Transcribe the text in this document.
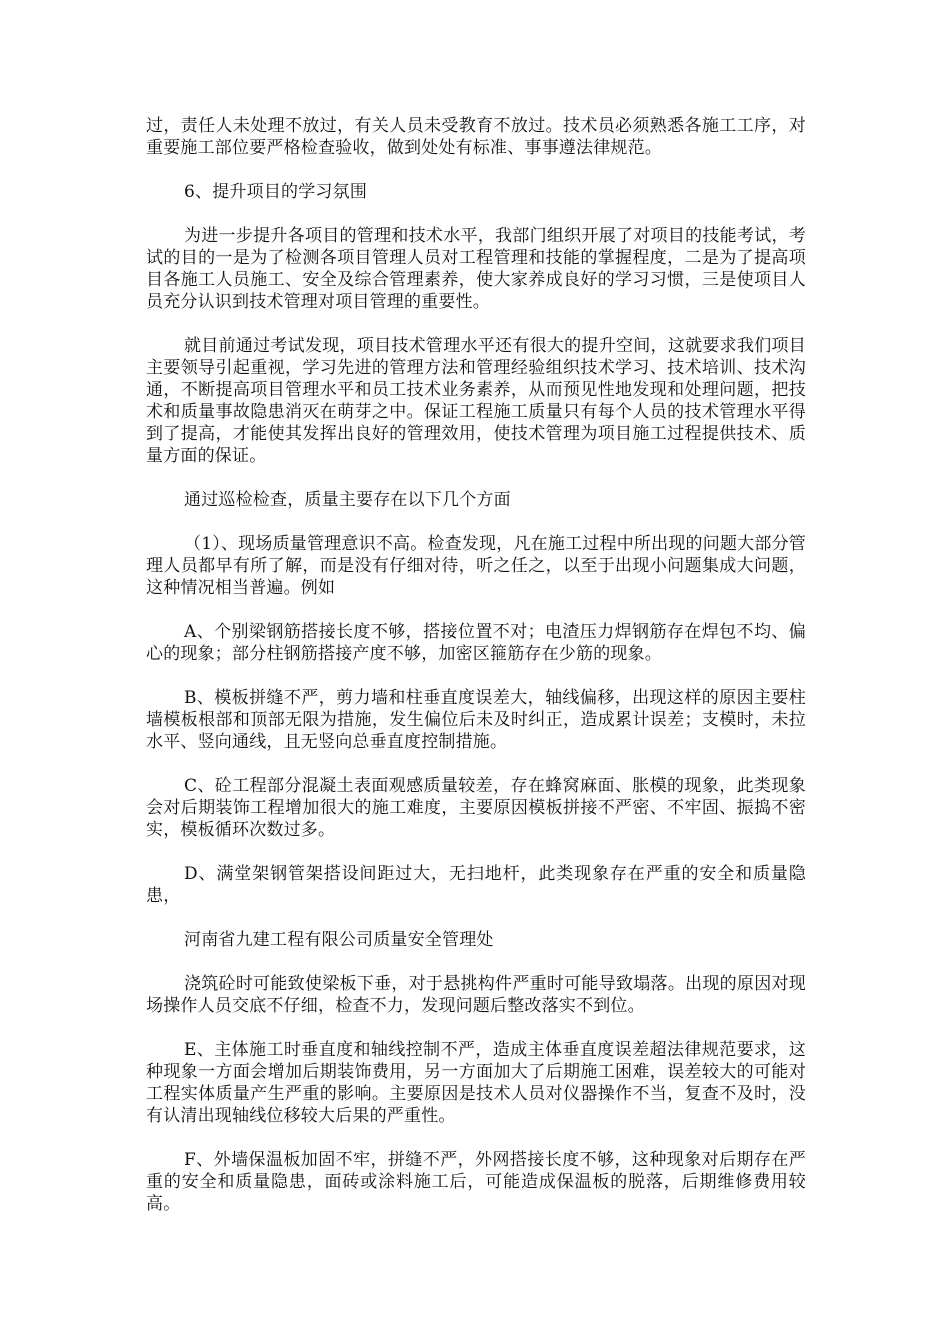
过，责任人未处理不放过，有关人员未受教育不放过。技术员必须熟悉各施工工序，对重要施工部位要严格检查验收，做到处处有标准、事事遵法律规范。

6、提升项目的学习氛围

为进一步提升各项目的管理和技术水平，我部门组织开展了对项目的技能考试，考试的目的一是为了检测各项目管理人员对工程管理和技能的掌握程度，二是为了提高项目各施工人员施工、安全及综合管理素养，使大家养成良好的学习习惯，三是使项目人员充分认识到技术管理对项目管理的重要性。

就目前通过考试发现，项目技术管理水平还有很大的提升空间，这就要求我们项目主要领导引起重视，学习先进的管理方法和管理经验组织技术学习、技术培训、技术沟通，不断提高项目管理水平和员工技术业务素养，从而预见性地发现和处理问题，把技术和质量事故隐患消灭在萌芽之中。保证工程施工质量只有每个人员的技术管理水平得到了提高，才能使其发挥出良好的管理效用，使技术管理为项目施工过程提供技术、质量方面的保证。

通过巡检检查，质量主要存在以下几个方面

（1）、现场质量管理意识不高。检查发现，凡在施工过程中所出现的问题大部分管理人员都早有所了解，而是没有仔细对待，听之任之，以至于出现小问题集成大问题，这种情况相当普遍。例如

A、个别梁钢筋搭接长度不够，搭接位置不对；电渣压力焊钢筋存在焊包不均、偏心的现象；部分柱钢筋搭接产度不够，加密区箍筋存在少筋的现象。

B、模板拼缝不严，剪力墙和柱垂直度误差大，轴线偏移，出现这样的原因主要柱墙模板根部和顶部无限为措施，发生偏位后未及时纠正，造成累计误差；支模时，未拉水平、竖向通线，且无竖向总垂直度控制措施。

C、砼工程部分混凝土表面观感质量较差，存在蜂窝麻面、胀模的现象，此类现象会对后期装饰工程增加很大的施工难度，主要原因模板拼接不严密、不牢固、振捣不密实，模板循环次数过多。

D、满堂架钢管架搭设间距过大，无扫地杆，此类现象存在严重的安全和质量隐患，

河南省九建工程有限公司质量安全管理处

浇筑砼时可能致使梁板下垂，对于悬挑构件严重时可能导致塌落。出现的原因对现场操作人员交底不仔细，检查不力，发现问题后整改落实不到位。

E、主体施工时垂直度和轴线控制不严，造成主体垂直度误差超法律规范要求，这种现象一方面会增加后期装饰费用，另一方面加大了后期施工困难，误差较大的可能对工程实体质量产生严重的影响。主要原因是技术人员对仪器操作不当，复查不及时，没有认清出现轴线位移较大后果的严重性。

F、外墙保温板加固不牢，拼缝不严，外网搭接长度不够，这种现象对后期存在严重的安全和质量隐患，面砖或涂料施工后，可能造成保温板的脱落，后期维修费用较高。
